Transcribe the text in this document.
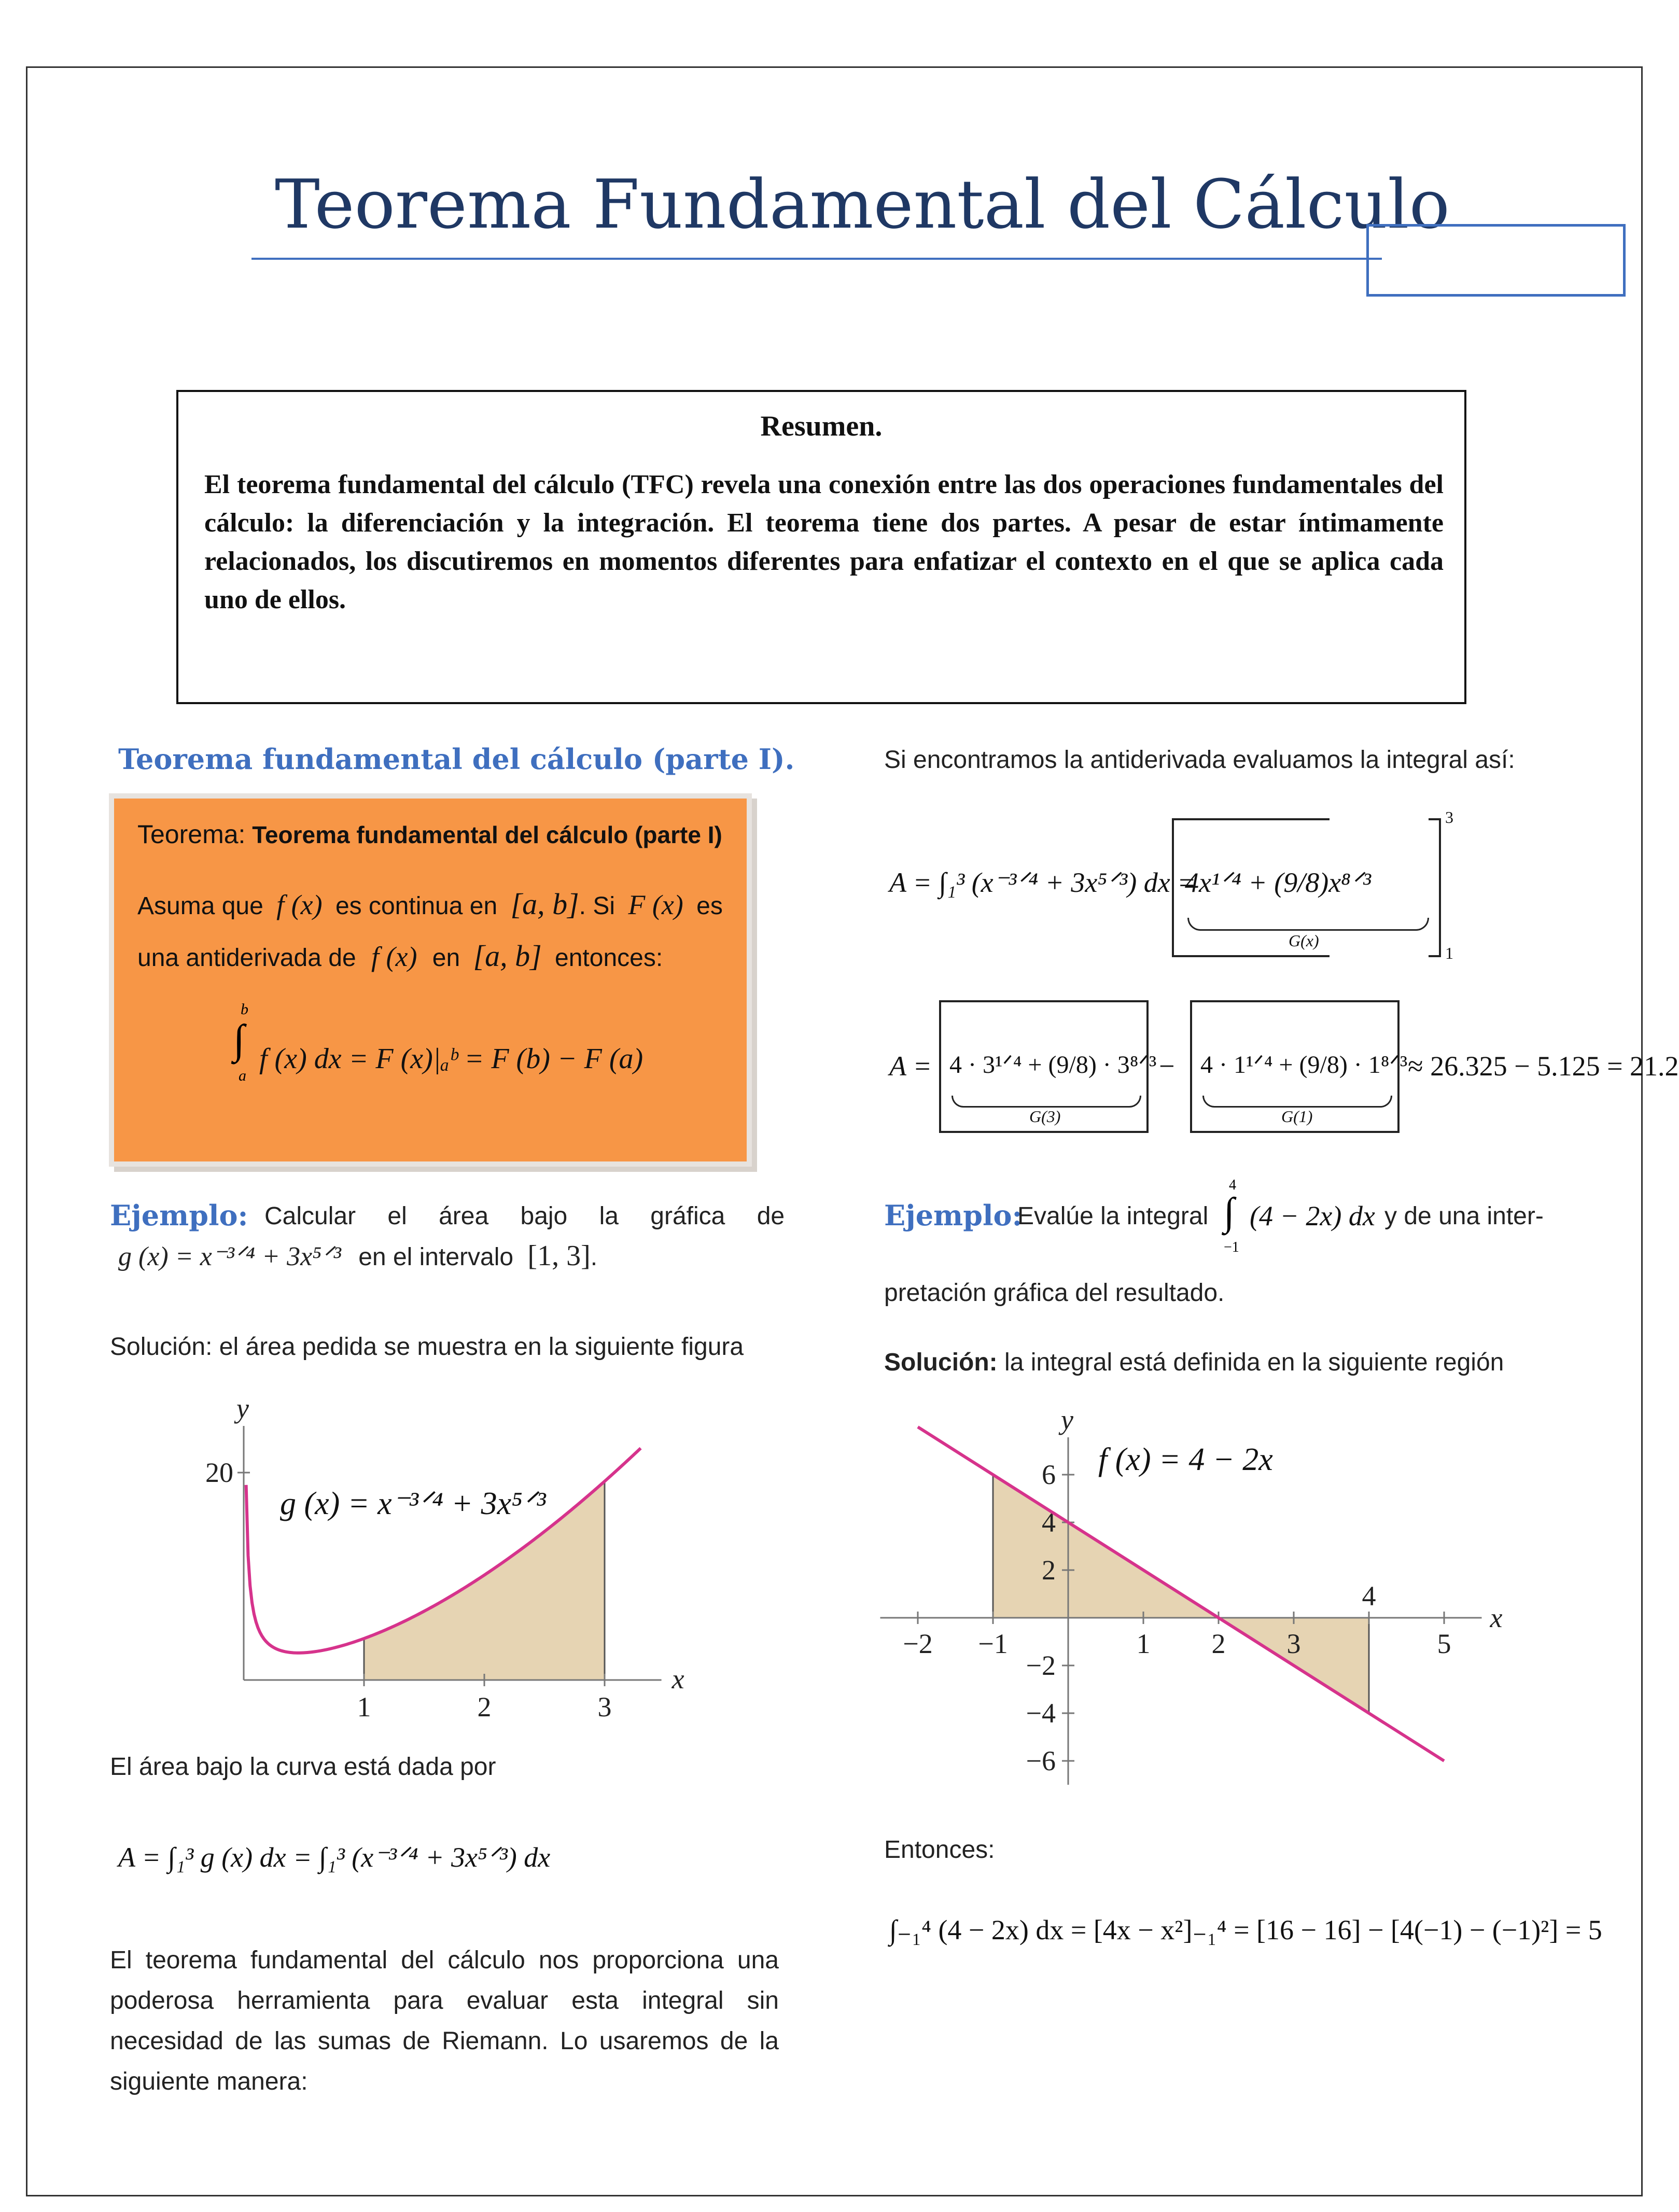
Teorema Fundamental del Cálculo
Resumen.
El teorema fundamental del cálculo (TFC) revela una conexión entre las dos operaciones fundamentales del cálculo: la diferenciación y la integración. El teorema tiene dos partes. A pesar de estar íntimamente relacionados, los discutiremos en momentos diferentes para enfatizar el contexto en el que se aplica cada uno de ellos.
Teorema fundamental del cálculo (parte I).
Teorema: Teorema fundamental del cálculo (parte I)
Asuma que f (x) es continua en [a, b]. Si F (x) es
una antiderivada de f (x) en [a, b] entonces:
b
∫
a
f (x) dx = F (x)|ₐᵇ = F (b) − F (a)
Ejemplo: Calcular el área bajo la gráfica de
g (x) = x⁻³ᐟ⁴ + 3x⁵ᐟ³ en el intervalo [1, 3].
Solución: el área pedida se muestra en la siguiente figura
1	2	3
20
x
y
g (x) = x⁻³ᐟ⁴ + 3x⁵ᐟ³
El área bajo la curva está dada por
A = ∫₁³ g (x) dx = ∫₁³ (x⁻³ᐟ⁴ + 3x⁵ᐟ³) dx
El teorema fundamental del cálculo nos proporciona una poderosa herramienta para evaluar esta integral sin necesidad de las sumas de Riemann. Lo usaremos de la siguiente manera:
Si encontramos la antiderivada evaluamos la integral así:
A = ∫₁³ (x⁻³ᐟ⁴ + 3x⁵ᐟ³) dx =
4x¹ᐟ⁴ + (9/8)x⁸ᐟ³
G(x)
3
1
A = 4 · 3¹ᐟ⁴ + (9/8) · 3⁸ᐟ³
G(3)
− 4 · 1¹ᐟ⁴ + (9/8) · 1⁸ᐟ³
G(1)
≈ 26.325 − 5.125 = 21.2
Ejemplo:
Evalúe la integral
4
∫
−1
(4 − 2x) dx y de una inter-
pretación gráfica del resultado.
Solución: la integral está definida en la siguiente región
−2 −1	1 2 3	5
4
6
4
2
−2
−4
−6
x
y
f (x) = 4 − 2x
Entonces:
∫₋₁⁴ (4 − 2x) dx = [4x − x²]₋₁⁴ = [16 − 16] − [4(−1) − (−1)²] = 5
